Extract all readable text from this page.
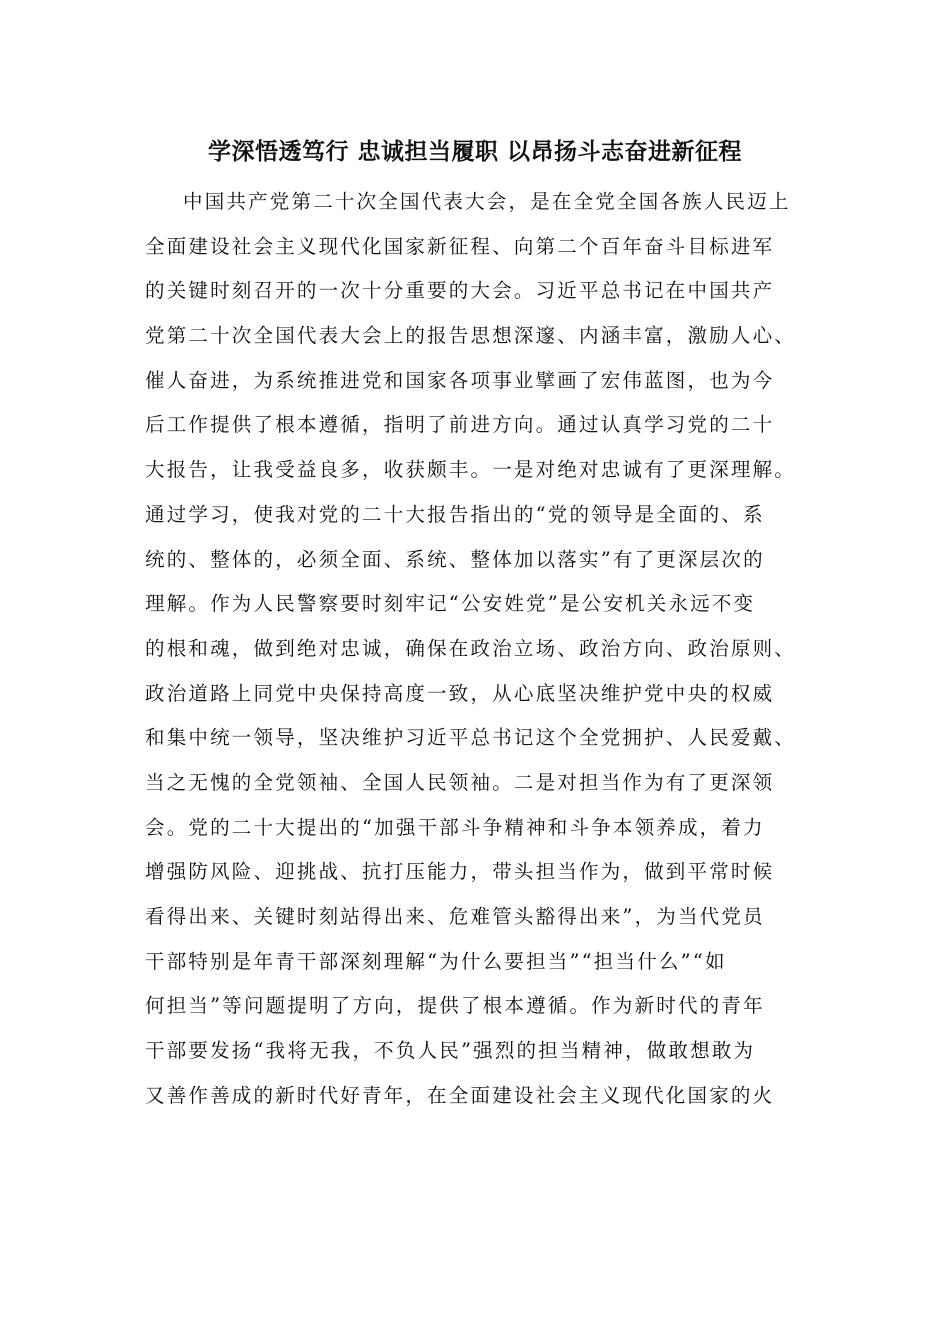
学深悟透笃行 忠诚担当履职 以昂扬斗志奋进新征程
中国共产党第二十次全国代表大会，是在全党全国各族人民迈上
全面建设社会主义现代化国家新征程、向第二个百年奋斗目标进军
的关键时刻召开的一次十分重要的大会。习近平总书记在中国共产
党第二十次全国代表大会上的报告思想深邃、内涵丰富，激励人心、
催人奋进，为系统推进党和国家各项事业擘画了宏伟蓝图，也为今
后工作提供了根本遵循，指明了前进方向。通过认真学习党的二十
大报告，让我受益良多，收获颇丰。一是对绝对忠诚有了更深理解。
通过学习，使我对党的二十大报告指出的“党的领导是全面的、系
统的、整体的，必须全面、系统、整体加以落实”有了更深层次的
理解。作为人民警察要时刻牢记“公安姓党”是公安机关永远不变
的根和魂，做到绝对忠诚，确保在政治立场、政治方向、政治原则、
政治道路上同党中央保持高度一致，从心底坚决维护党中央的权威
和集中统一领导，坚决维护习近平总书记这个全党拥护、人民爱戴、
当之无愧的全党领袖、全国人民领袖。二是对担当作为有了更深领
会。党的二十大提出的“加强干部斗争精神和斗争本领养成，着力
增强防风险、迎挑战、抗打压能力，带头担当作为，做到平常时候
看得出来、关键时刻站得出来、危难管头豁得出来”，为当代党员
干部特别是年青干部深刻理解“为什么要担当”“担当什么”“如
何担当”等问题提明了方向，提供了根本遵循。作为新时代的青年
干部要发扬“我将无我，不负人民”强烈的担当精神，做敢想敢为
又善作善成的新时代好青年，在全面建设社会主义现代化国家的火
